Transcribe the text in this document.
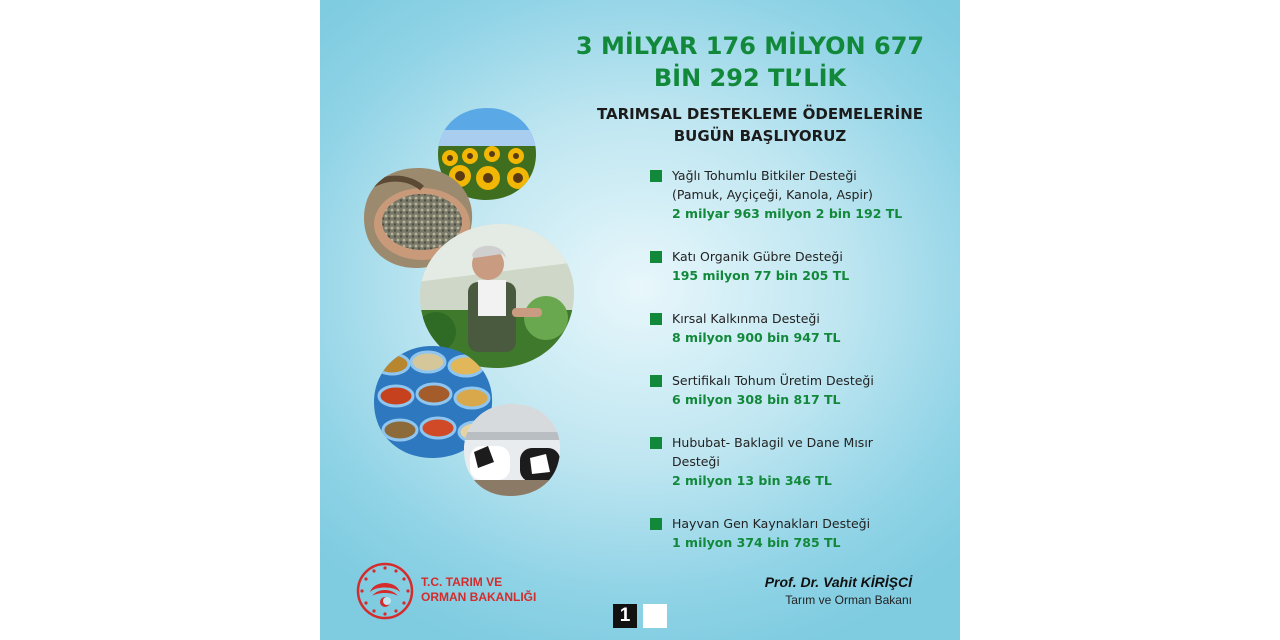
3 MİLYAR 176 MİLYON 677
BİN 292 TL’LİK
TARIMSAL DESTEKLEME ÖDEMELERİNE
BUGÜN BAŞLIYORUZ
Yağlı Tohumlu Bitkiler Desteği
(Pamuk, Ayçiçeği, Kanola, Aspir)
2 milyar 963 milyon 2 bin 192 TL
Katı Organik Gübre Desteği
195 milyon 77 bin 205 TL
Kırsal Kalkınma Desteği
8 milyon 900 bin 947 TL
Sertifikalı Tohum Üretim Desteği
6 milyon 308 bin 817 TL
Hububat- Baklagil ve Dane Mısır
Desteği
2 milyon 13 bin 346 TL
Hayvan Gen Kaynakları Desteği
1 milyon 374 bin 785 TL
T.C. TARIM VE
ORMAN BAKANLIĞI
1
Prof. Dr. Vahit KİRİŞCİ
Tarım ve Orman Bakanı
